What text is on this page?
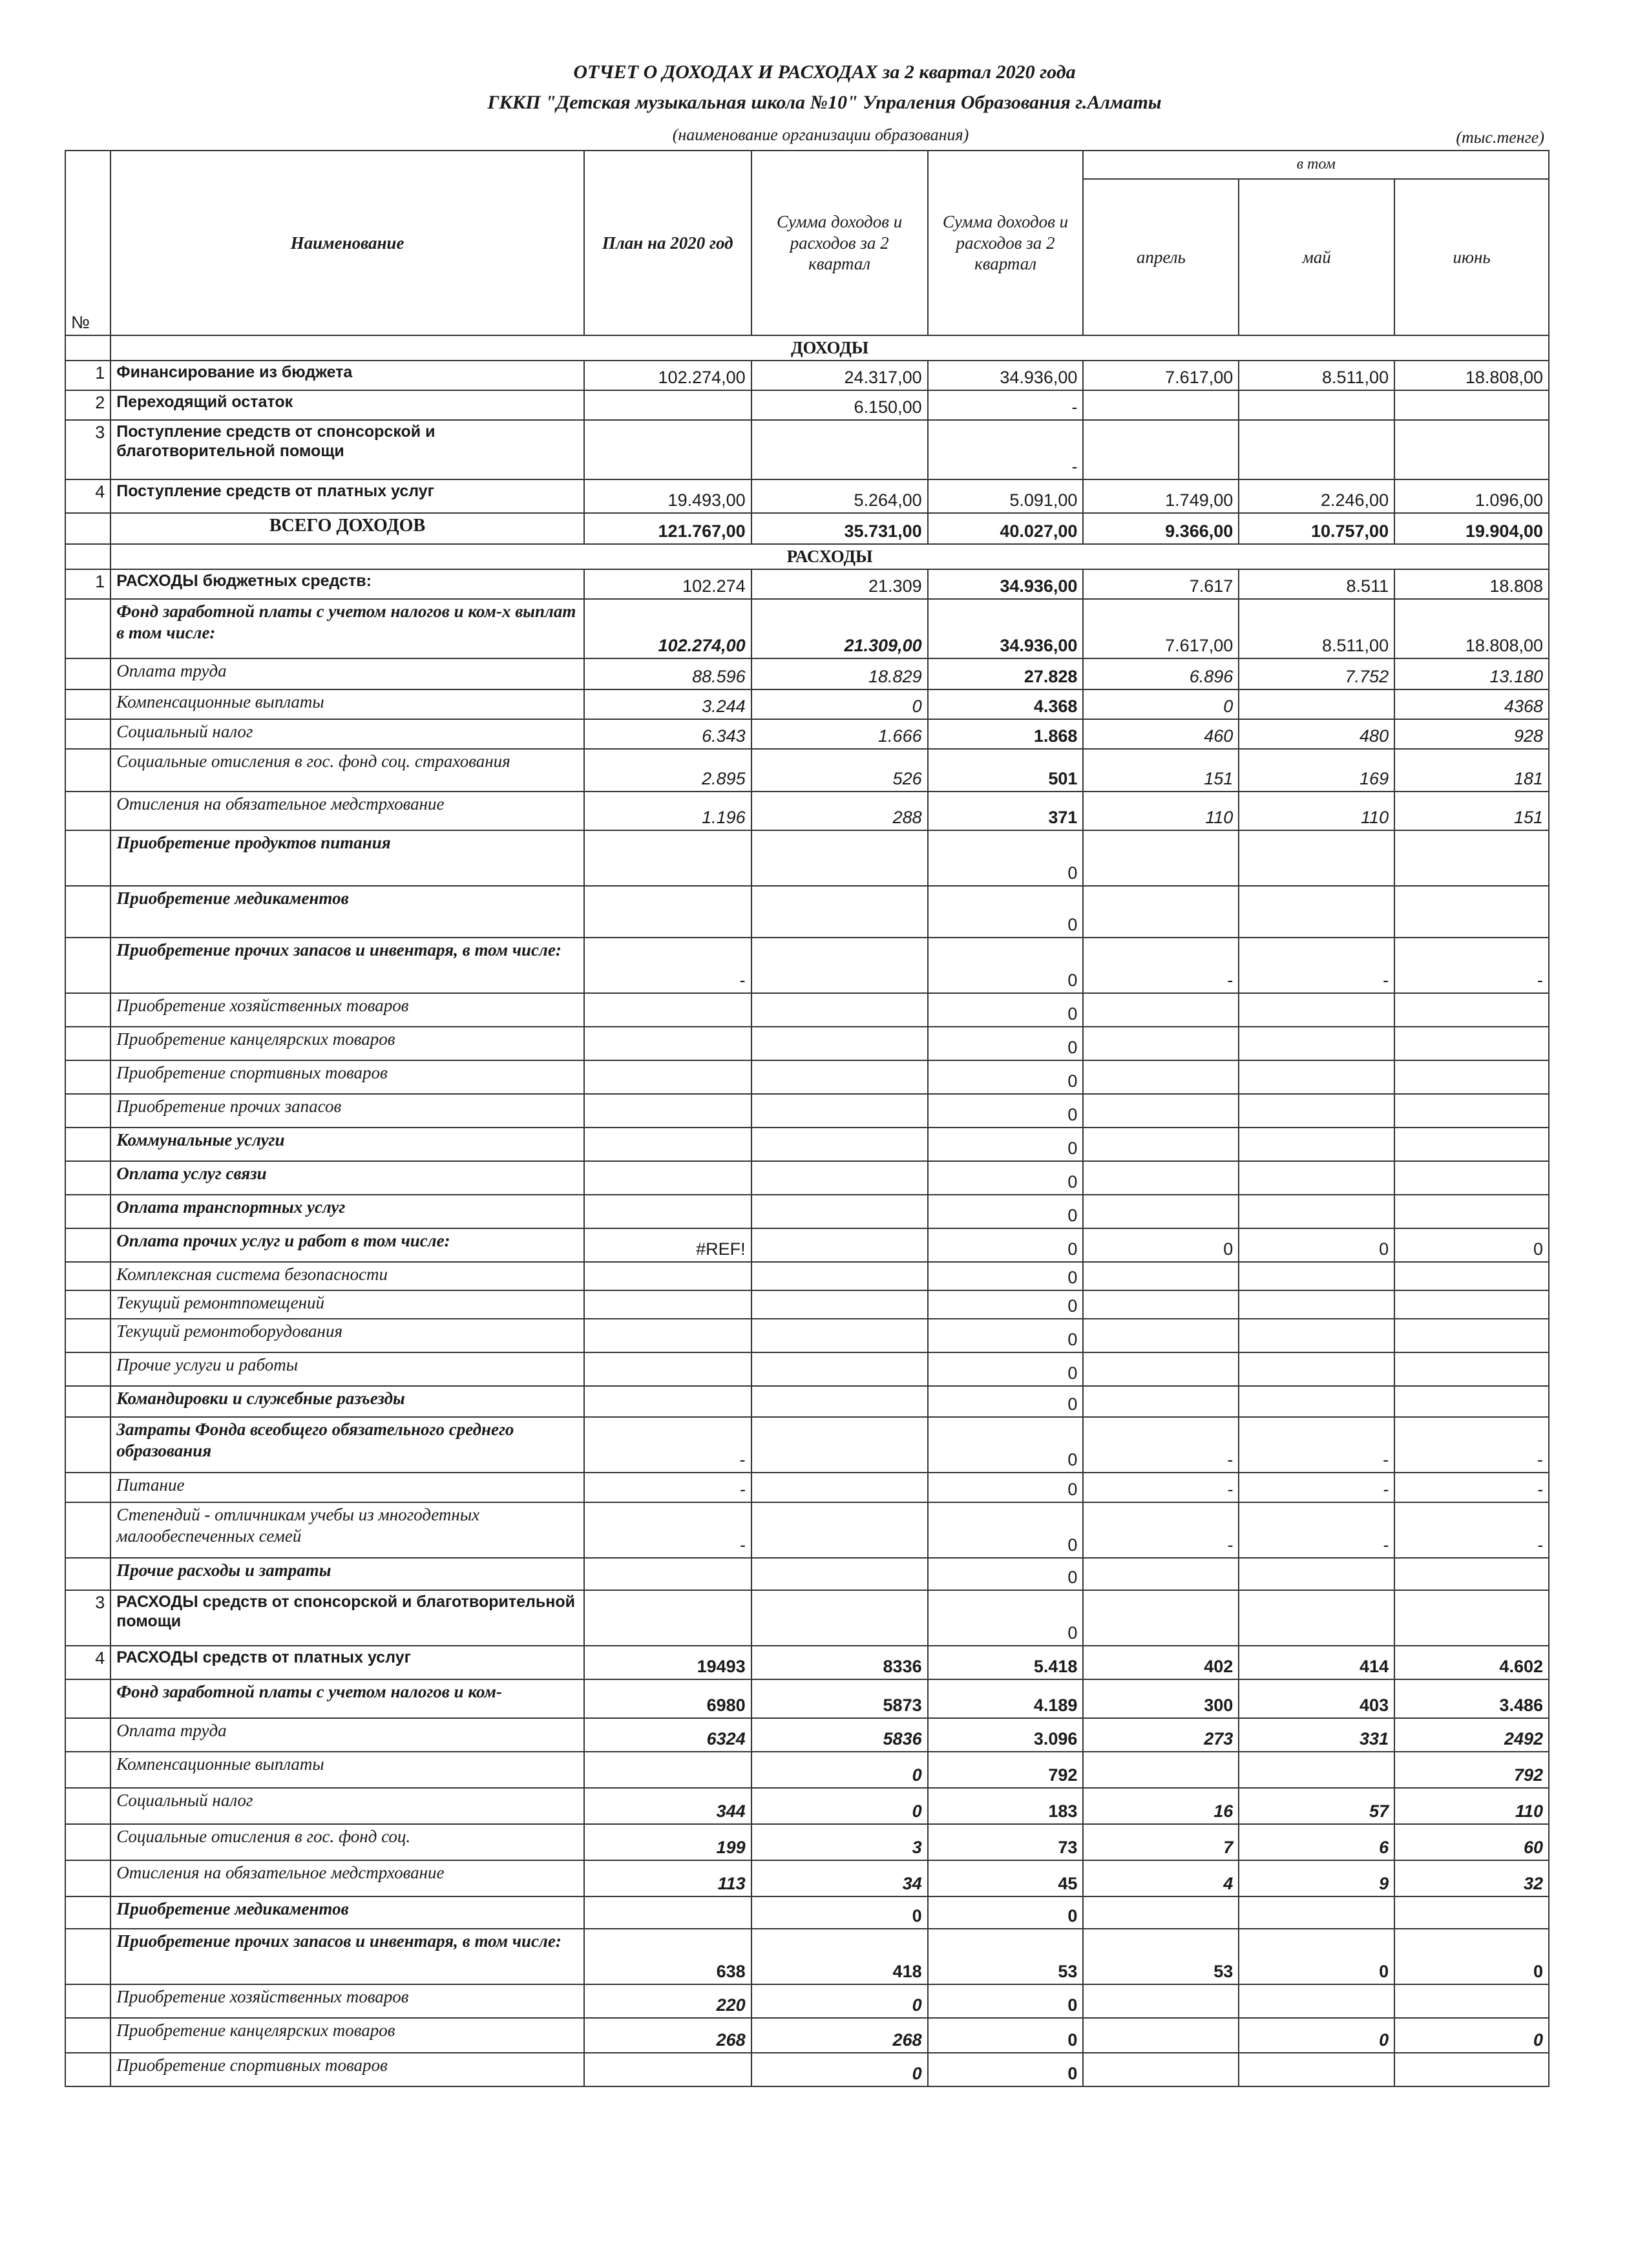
ОТЧЕТ О ДОХОДАХ И РАСХОДАХ за 2 квартал 2020 года
ГККП "Детская музыкальная школа №10" Упраления Образования г.Алматы
(наименование организации образования)	(тыс.тенге)
№	Наименование	План на 2020 год	Сумма доходов и расходов за 2 квартал	Сумма доходов и расходов за 2 квартал	в том		
					апрель	май	июнь
	ДОХОДЫ						
1	Финансирование из бюджета	102.274,00	24.317,00	34.936,00	7.617,00	8.511,00	18.808,00
2	Переходящий остаток		6.150,00	-			
3	Поступление средств от спонсорской и благотворительной помощи			-			
4	Поступление средств от платных услуг	19.493,00	5.264,00	5.091,00	1.749,00	2.246,00	1.096,00
	ВСЕГО ДОХОДОВ	121.767,00	35.731,00	40.027,00	9.366,00	10.757,00	19.904,00
	РАСХОДЫ						
1	РАСХОДЫ бюджетных средств:	102.274	21.309	34.936,00	7.617	8.511	18.808
	Фонд заработной платы с учетом налогов и ком-х выплат в том числе:	102.274,00	21.309,00	34.936,00	7.617,00	8.511,00	18.808,00
	Оплата труда	88.596	18.829	27.828	6.896	7.752	13.180
	Компенсационные выплаты	3.244	0	4.368	0		4368
	Социальный налог	6.343	1.666	1.868	460	480	928
	Социальные отисления в гос. фонд соц. страхования	2.895	526	501	151	169	181
	Отисления на обязательное медстрхование	1.196	288	371	110	110	151
	Приобретение продуктов питания			0			
	Приобретение медикаментов			0			
	Приобретение прочих запасов и инвентаря, в том числе:	-		0	-	-	-
	Приобретение хозяйственных товаров			0			
	Приобретение канцелярских товаров			0			
	Приобретение спортивных товаров			0			
	Приобретение прочих запасов			0			
	Коммунальные услуги			0			
	Оплата услуг связи			0			
	Оплата транспортных услуг			0			
	Оплата прочих услуг и работ в том числе:	#REF!		0	0	0	0
	Комплексная система безопасности			0			
	Текущий ремонтпомещений			0			
	Текущий ремонтоборудования			0			
	Прочие услуги и работы			0			
	Командировки и служебные разъезды			0			
	Затраты Фонда всеобщего обязательного среднего образования	-		0	-	-	-
	Питание	-		0	-	-	-
	Степендий - отличникам учебы из многодетных малообеспеченных семей	-		0	-	-	-
	Прочие расходы и затраты			0			
3	РАСХОДЫ средств от спонсорской и благотворительной помощи			0			
4	РАСХОДЫ средств от платных услуг	19493	8336	5.418	402	414	4.602
	Фонд заработной платы с учетом налогов и ком-	6980	5873	4.189	300	403	3.486
	Оплата труда	6324	5836	3.096	273	331	2492
	Компенсационные выплаты		0	792			792
	Социальный налог	344	0	183	16	57	110
	Социальные отисления в гос. фонд соц.	199	3	73	7	6	60
	Отисления на обязательное медстрхование	113	34	45	4	9	32
	Приобретение медикаментов		0	0			
	Приобретение прочих запасов и инвентаря, в том числе:	638	418	53	53	0	0
	Приобретение хозяйственных товаров	220	0	0			
	Приобретение канцелярских товаров	268	268	0		0	0
	Приобретение спортивных товаров		0	0			
